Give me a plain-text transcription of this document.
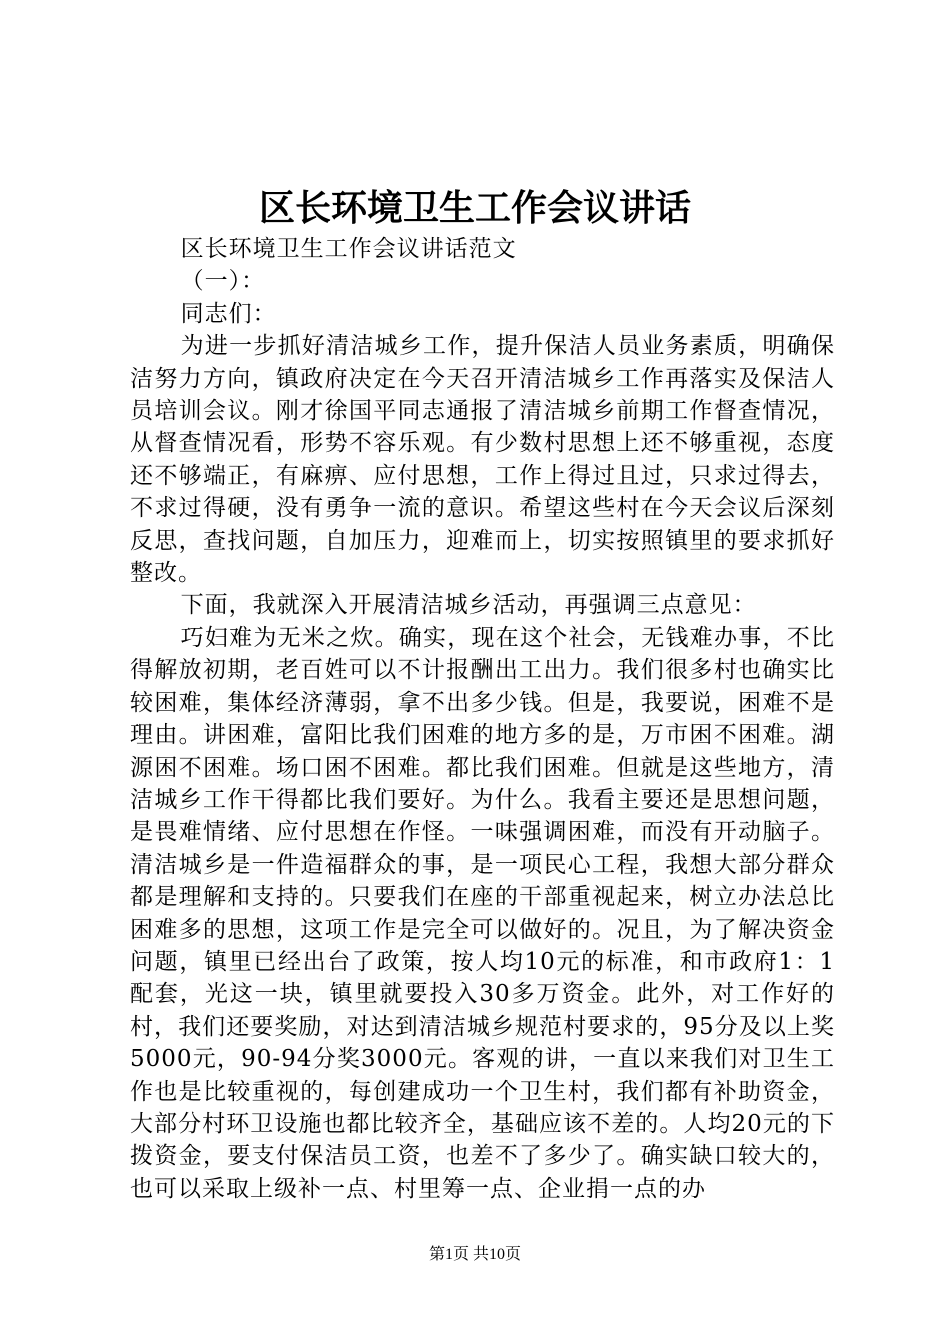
区长环境卫生工作会议讲话

区长环境卫生工作会议讲话范文

（一）：

同志们：

为进一步抓好清洁城乡工作，提升保洁人员业务素质，明确保洁努力方向，镇政府决定在今天召开清洁城乡工作再落实及保洁人员培训会议。刚才徐国平同志通报了清洁城乡前期工作督查情况，从督查情况看，形势不容乐观。有少数村思想上还不够重视，态度还不够端正，有麻痹、应付思想，工作上得过且过，只求过得去，不求过得硬，没有勇争一流的意识。希望这些村在今天会议后深刻反思，查找问题，自加压力，迎难而上，切实按照镇里的要求抓好整改。

下面，我就深入开展清洁城乡活动，再强调三点意见：

巧妇难为无米之炊。确实，现在这个社会，无钱难办事，不比得解放初期，老百姓可以不计报酬出工出力。我们很多村也确实比较困难，集体经济薄弱，拿不出多少钱。但是，我要说，困难不是理由。讲困难，富阳比我们困难的地方多的是，万市困不困难。湖源困不困难。场口困不困难。都比我们困难。但就是这些地方，清洁城乡工作干得都比我们要好。为什么。我看主要还是思想问题，是畏难情绪、应付思想在作怪。一味强调困难，而没有开动脑子。清洁城乡是一件造福群众的事，是一项民心工程，我想大部分群众都是理解和支持的。只要我们在座的干部重视起来，树立办法总比困难多的思想，这项工作是完全可以做好的。况且，为了解决资金问题，镇里已经出台了政策，按人均10元的标准，和市政府1：1配套，光这一块，镇里就要投入30多万资金。此外，对工作好的村，我们还要奖励，对达到清洁城乡规范村要求的，95分及以上奖5000元，90-94分奖3000元。客观的讲，一直以来我们对卫生工作也是比较重视的，每创建成功一个卫生村，我们都有补助资金，大部分村环卫设施也都比较齐全，基础应该不差的。人均20元的下拨资金，要支付保洁员工资，也差不了多少了。确实缺口较大的，也可以采取上级补一点、村里筹一点、企业捐一点的办

第1页 共10页
